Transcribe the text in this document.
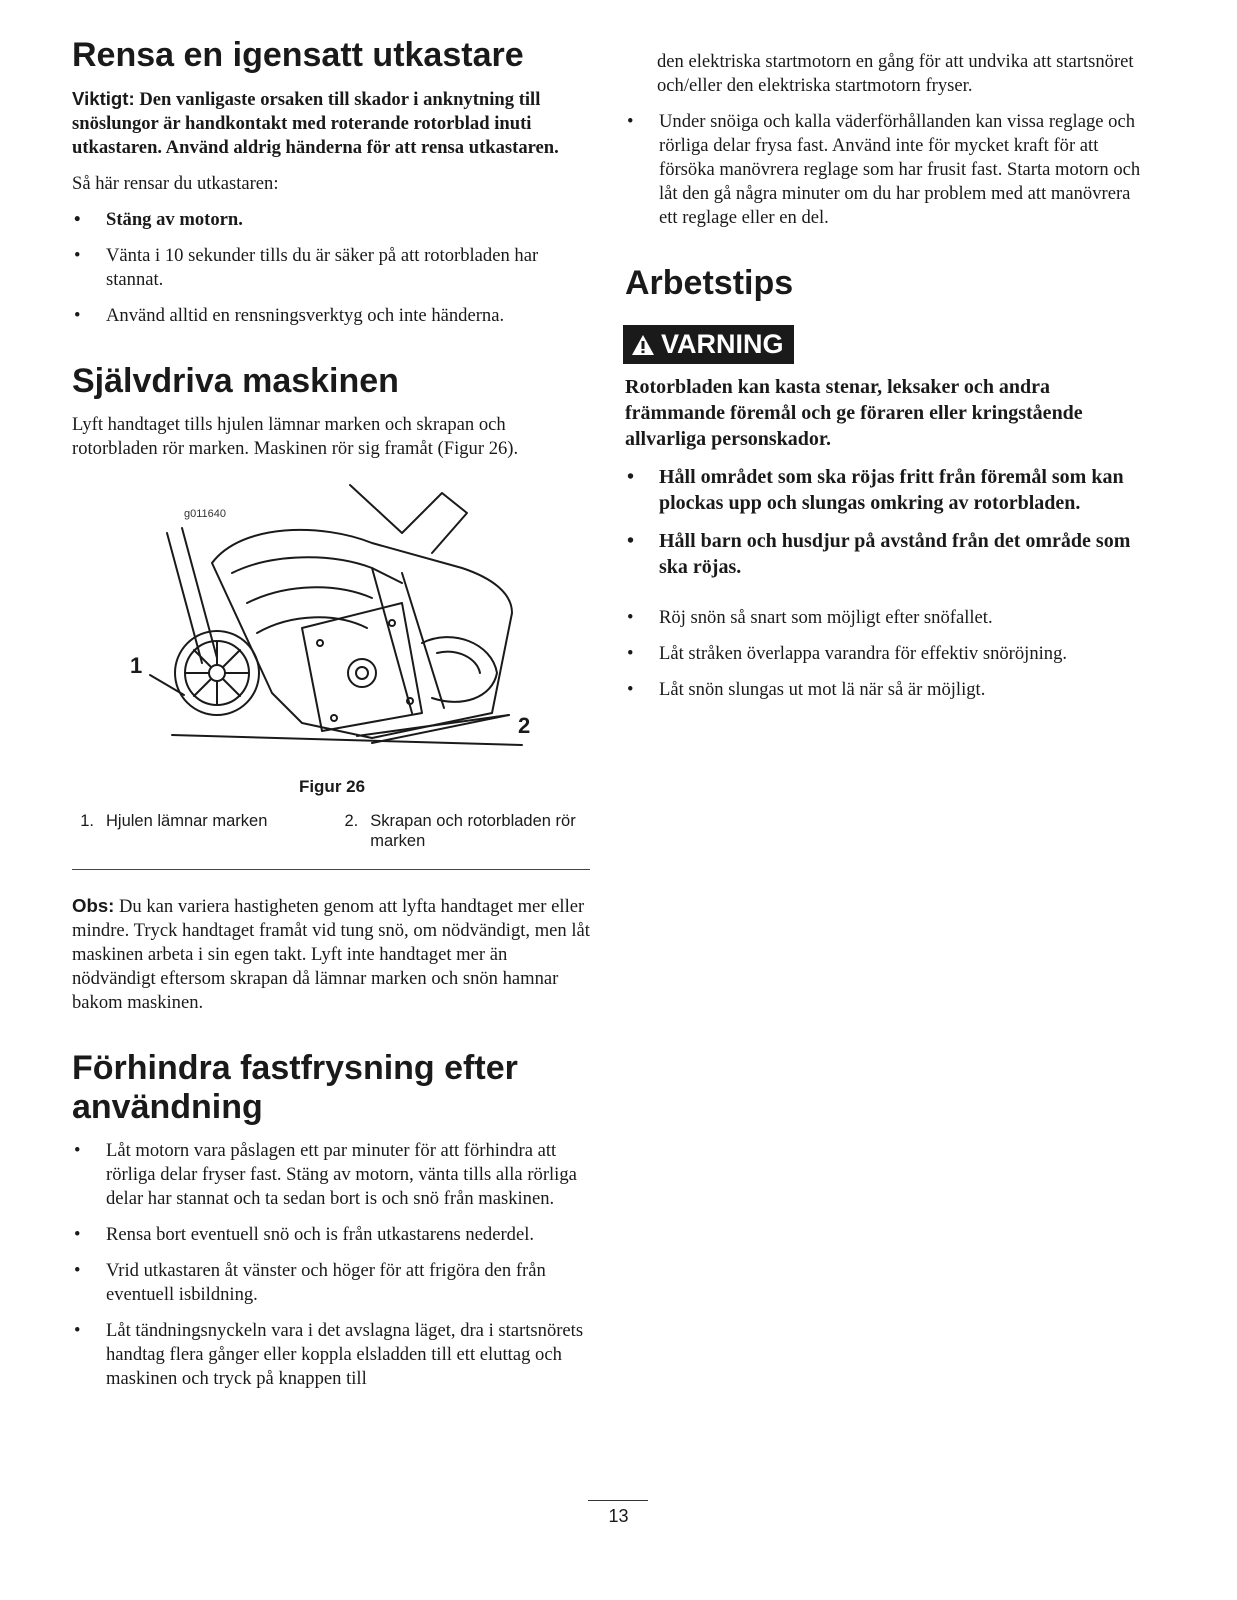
Rensa en igensatt utkastare

Viktigt: Den vanligaste orsaken till skador i anknytning till snöslungor är handkontakt med roterande rotorblad inuti utkastaren. Använd aldrig händerna för att rensa utkastaren.

Så här rensar du utkastaren:

• Stäng av motorn.
• Vänta i 10 sekunder tills du är säker på att rotorbladen har stannat.
• Använd alltid en rensningsverktyg och inte händerna.
Självdriva maskinen

Lyft handtaget tills hjulen lämnar marken och skrapan och rotorbladen rör marken. Maskinen rör sig framåt (Figur 26).

g011640
1
2
Figur 26
1. Hjulen lämnar marken	2. Skrapan och rotorbladen rör marken

Obs: Du kan variera hastigheten genom att lyfta handtaget mer eller mindre. Tryck handtaget framåt vid tung snö, om nödvändigt, men låt maskinen arbeta i sin egen takt. Lyft inte handtaget mer än nödvändigt eftersom skrapan då lämnar marken och snön hamnar bakom maskinen.

Förhindra fastfrysning efter användning
• Låt motorn vara påslagen ett par minuter för att förhindra att rörliga delar fryser fast. Stäng av motorn, vänta tills alla rörliga delar har stannat och ta sedan bort is och snö från maskinen.
• Rensa bort eventuell snö och is från utkastarens nederdel.
• Vrid utkastaren åt vänster och höger för att frigöra den från eventuell isbildning.
• Låt tändningsnyckeln vara i det avslagna läget, dra i startsnörets handtag flera gånger eller koppla elsladden till ett eluttag och maskinen och tryck på knappen till

den elektriska startmotorn en gång för att undvika att startsnöret och/eller den elektriska startmotorn fryser.

• Under snöiga och kalla väderförhållanden kan vissa reglage och rörliga delar frysa fast. Använd inte för mycket kraft för att försöka manövrera reglage som har frusit fast. Starta motorn och låt den gå några minuter om du har problem med att manövrera ett reglage eller en del.
Arbetstips
VARNING

Rotorbladen kan kasta stenar, leksaker och andra främmande föremål och ge föraren eller kringstående allvarliga personskador.

• Håll området som ska röjas fritt från föremål som kan plockas upp och slungas omkring av rotorbladen.
• Håll barn och husdjur på avstånd från det område som ska röjas.
• Röj snön så snart som möjligt efter snöfallet.
• Låt stråken överlappa varandra för effektiv snöröjning.
• Låt snön slungas ut mot lä när så är möjligt.
13
